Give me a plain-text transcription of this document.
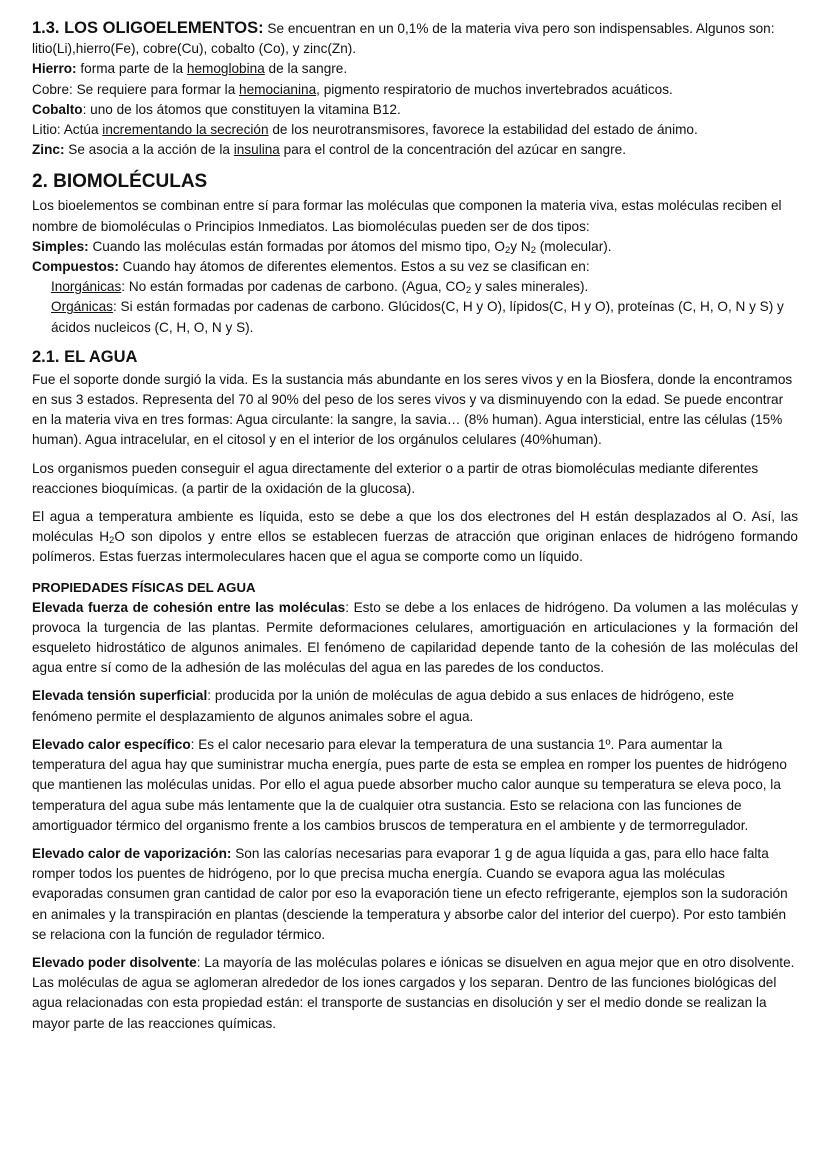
1.3. LOS OLIGOELEMENTOS: Se encuentran en un 0,1% de la materia viva pero son indispensables. Algunos son: litio(Li),hierro(Fe), cobre(Cu), cobalto (Co), y zinc(Zn).

Hierro: forma parte de la hemoglobina de la sangre.

Cobre: Se requiere para formar la hemocianina, pigmento respiratorio de muchos invertebrados acuáticos.

Cobalto: uno de los átomos que constituyen la vitamina B12.

Litio: Actúa incrementando la secreción de los neurotransmisores, favorece la estabilidad del estado de ánimo.

Zinc: Se asocia a la acción de la insulina para el control de la concentración del azúcar en sangre.

2. BIOMOLÉCULAS

Los bioelementos se combinan entre sí para formar las moléculas que componen la materia viva, estas moléculas reciben el nombre de biomoléculas o Principios Inmediatos. Las biomoléculas pueden ser de dos tipos:

Simples: Cuando las moléculas están formadas por átomos del mismo tipo, $O_2y$ $N_2$ (molecular).

Compuestos: Cuando hay átomos de diferentes elementos. Estos a su vez se clasifican en:

Inorgánicas: No están formadas por cadenas de carbono. (Agua, $CO_2$ y sales minerales).

Orgánicas: Si están formadas por cadenas de carbono. Glúcidos(C, H y O), lípidos(C, H y O), proteínas (C, H, O, N y S) y ácidos nucleicos (C, H, O, N y S).

2.1. EL AGUA

Fue el soporte donde surgió la vida. Es la sustancia más abundante en los seres vivos y en la Biosfera, donde la encontramos en sus 3 estados. Representa del 70 al 90% del peso de los seres vivos y va disminuyendo con la edad. Se puede encontrar en la materia viva en tres formas: Agua circulante: la sangre, la savia… (8% human). Agua intersticial, entre las células (15% human). Agua intracelular, en el citosol y en el interior de los orgánulos celulares (40%human).

Los organismos pueden conseguir el agua directamente del exterior o a partir de otras biomoléculas mediante diferentes reacciones bioquímicas. (a partir de la oxidación de la glucosa).

El agua a temperatura ambiente es líquida, esto se debe a que los dos electrones del H están desplazados al O. Así, las moléculas $H_2O$ son dipolos y entre ellos se establecen fuerzas de atracción que originan enlaces de hidrógeno formando polímeros. Estas fuerzas intermoleculares hacen que el agua se comporte como un líquido.

PROPIEDADES FÍSICAS DEL AGUA

Elevada fuerza de cohesión entre las moléculas: Esto se debe a los enlaces de hidrógeno. Da volumen a las moléculas y provoca la turgencia de las plantas. Permite deformaciones celulares, amortiguación en articulaciones y la formación del esqueleto hidrostático de algunos animales. El fenómeno de capilaridad depende tanto de la cohesión de las moléculas del agua entre sí como de la adhesión de las moléculas del agua en las paredes de los conductos.

Elevada tensión superficial: producida por la unión de moléculas de agua debido a sus enlaces de hidrógeno, este fenómeno permite el desplazamiento de algunos animales sobre el agua.

Elevado calor específico: Es el calor necesario para elevar la temperatura de una sustancia 1º. Para aumentar la temperatura del agua hay que suministrar mucha energía, pues parte de esta se emplea en romper los puentes de hidrógeno que mantienen las moléculas unidas. Por ello el agua puede absorber mucho calor aunque su temperatura se eleva poco, la temperatura del agua sube más lentamente que la de cualquier otra sustancia. Esto se relaciona con las funciones de amortiguador térmico del organismo frente a los cambios bruscos de temperatura en el ambiente y de termorregulador.

Elevado calor de vaporización: Son las calorías necesarias para evaporar 1 g de agua líquida a gas, para ello hace falta romper todos los puentes de hidrógeno, por lo que precisa mucha energía. Cuando se evapora agua las moléculas evaporadas consumen gran cantidad de calor por eso la evaporación tiene un efecto refrigerante, ejemplos son la sudoración en animales y la transpiración en plantas (desciende la temperatura y absorbe calor del interior del cuerpo). Por esto también se relaciona con la función de regulador térmico.

Elevado poder disolvente: La mayoría de las moléculas polares e iónicas se disuelven en agua mejor que en otro disolvente. Las moléculas de agua se aglomeran alrededor de los iones cargados y los separan. Dentro de las funciones biológicas del agua relacionadas con esta propiedad están: el transporte de sustancias en disolución y ser el medio donde se realizan la mayor parte de las reacciones químicas.
